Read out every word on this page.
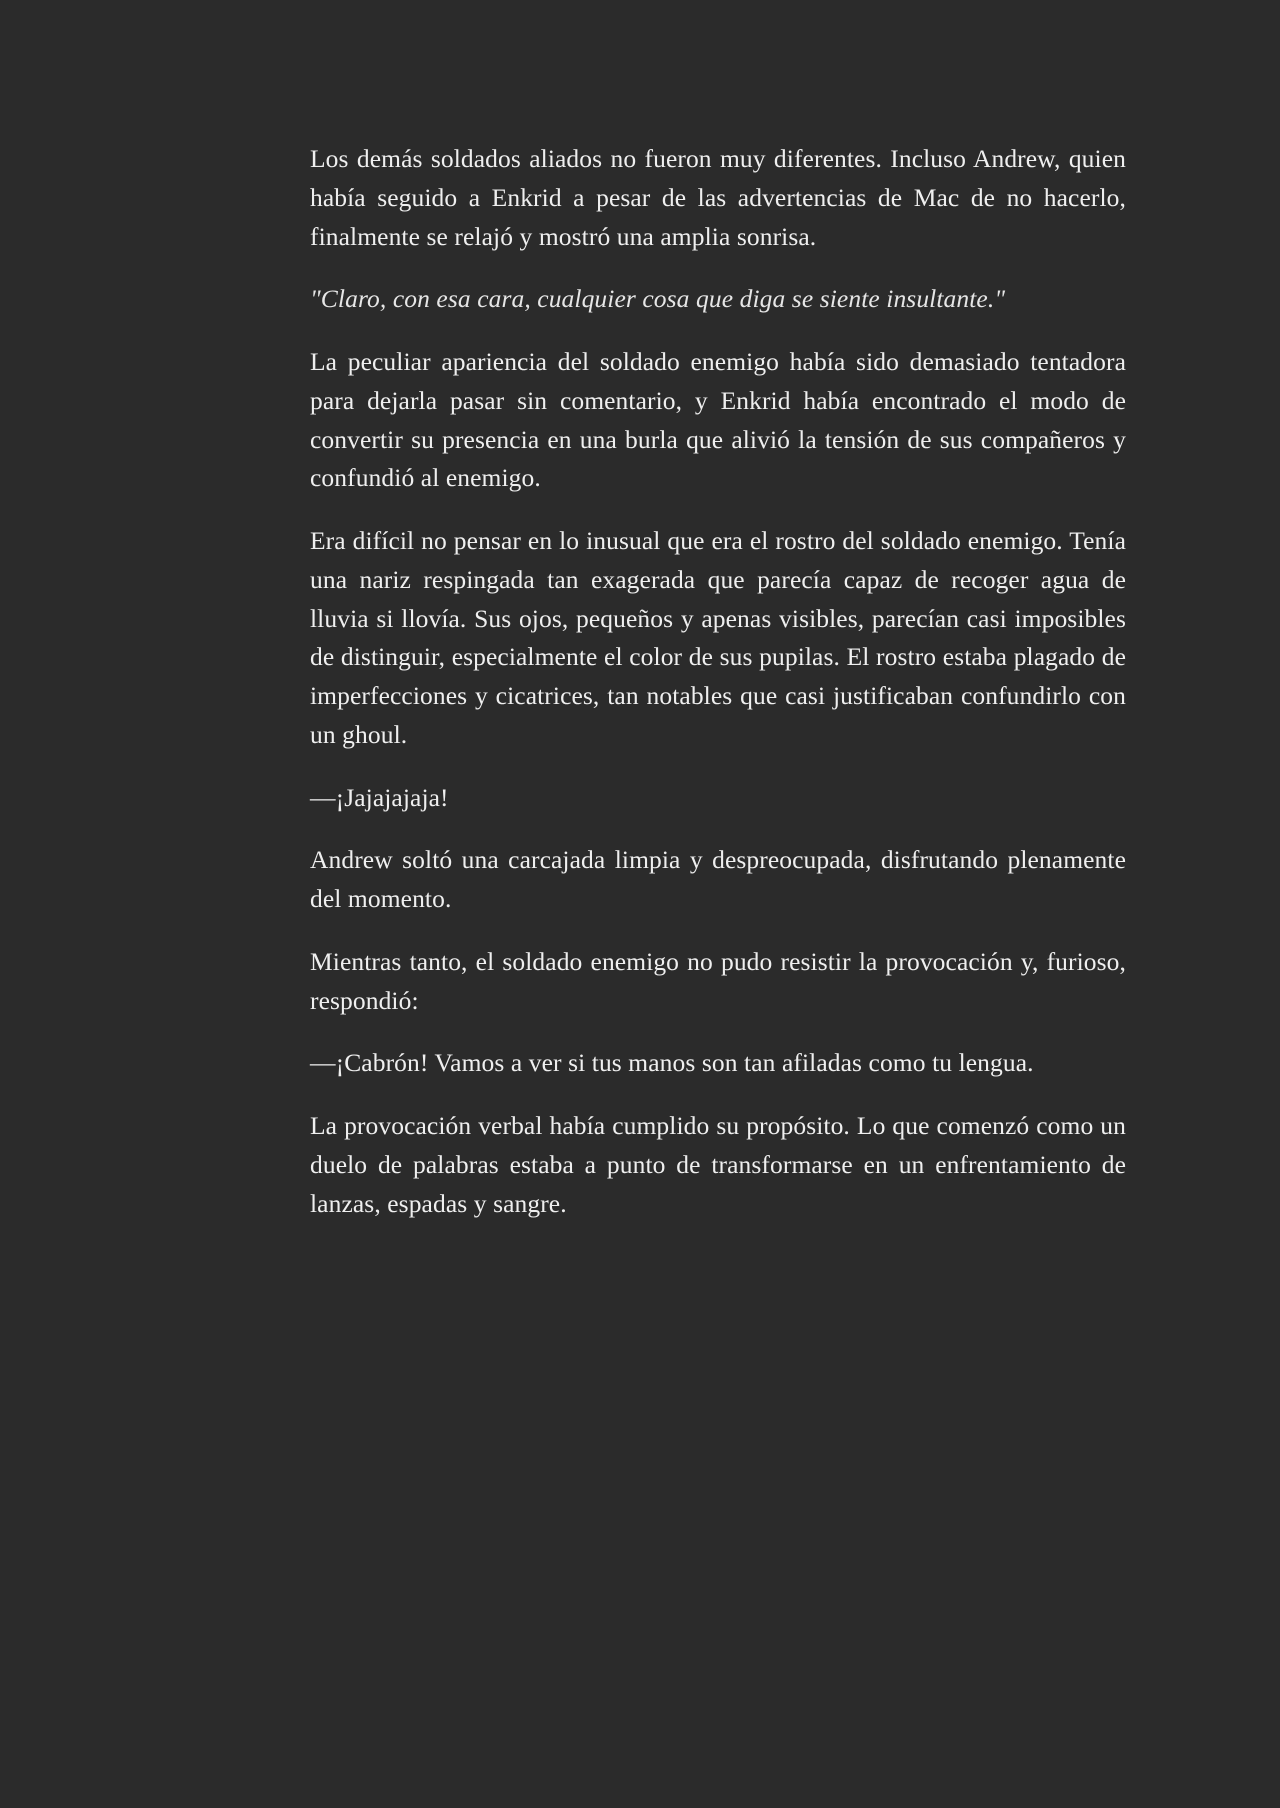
Los demás soldados aliados no fueron muy diferentes. Incluso Andrew, quien había seguido a Enkrid a pesar de las advertencias de Mac de no hacerlo, finalmente se relajó y mostró una amplia sonrisa.

"Claro, con esa cara, cualquier cosa que diga se siente insultante."

La peculiar apariencia del soldado enemigo había sido demasiado tentadora para dejarla pasar sin comentario, y Enkrid había encontrado el modo de convertir su presencia en una burla que alivió la tensión de sus compañeros y confundió al enemigo.

Era difícil no pensar en lo inusual que era el rostro del soldado enemigo. Tenía una nariz respingada tan exagerada que parecía capaz de recoger agua de lluvia si llovía. Sus ojos, pequeños y apenas visibles, parecían casi imposibles de distinguir, especialmente el color de sus pupilas. El rostro estaba plagado de imperfecciones y cicatrices, tan notables que casi justificaban confundirlo con un ghoul.

—¡Jajajajaja!

Andrew soltó una carcajada limpia y despreocupada, disfrutando plenamente del momento.

Mientras tanto, el soldado enemigo no pudo resistir la provocación y, furioso, respondió:

—¡Cabrón! Vamos a ver si tus manos son tan afiladas como tu lengua.

La provocación verbal había cumplido su propósito. Lo que comenzó como un duelo de palabras estaba a punto de transformarse en un enfrentamiento de lanzas, espadas y sangre.
